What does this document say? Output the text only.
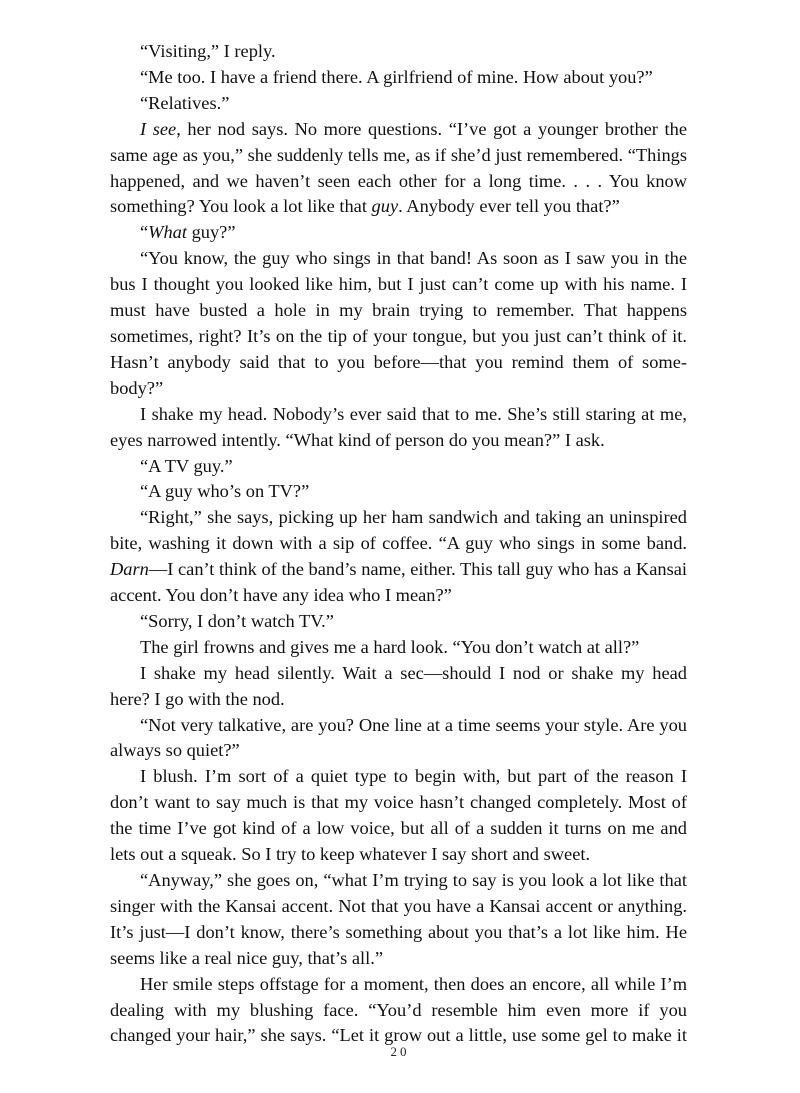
“Visiting,” I reply.

“Me too. I have a friend there. A girlfriend of mine. How about you?”

“Relatives.”

I see, her nod says. No more questions. “I’ve got a younger brother the same age as you,” she suddenly tells me, as if she’d just remembered. “Things happened, and we haven’t seen each other for a long time. . . . You know something? You look a lot like that guy. Anybody ever tell you that?”

“What guy?”

“You know, the guy who sings in that band! As soon as I saw you in the bus I thought you looked like him, but I just can’t come up with his name. I must have busted a hole in my brain trying to remember. That happens sometimes, right? It’s on the tip of your tongue, but you just can’t think of it. Hasn’t anybody said that to you before—that you remind them of some-body?”

I shake my head. Nobody’s ever said that to me. She’s still staring at me, eyes narrowed intently. “What kind of person do you mean?” I ask.

“A TV guy.”

“A guy who’s on TV?”

“Right,” she says, picking up her ham sandwich and taking an uninspired bite, washing it down with a sip of coffee. “A guy who sings in some band. Darn—I can’t think of the band’s name, either. This tall guy who has a Kansai accent. You don’t have any idea who I mean?”

“Sorry, I don’t watch TV.”

The girl frowns and gives me a hard look. “You don’t watch at all?”

I shake my head silently. Wait a sec—should I nod or shake my head here? I go with the nod.

“Not very talkative, are you? One line at a time seems your style. Are you always so quiet?”

I blush. I’m sort of a quiet type to begin with, but part of the reason I don’t want to say much is that my voice hasn’t changed completely. Most of the time I’ve got kind of a low voice, but all of a sudden it turns on me and lets out a squeak. So I try to keep whatever I say short and sweet.

“Anyway,” she goes on, “what I’m trying to say is you look a lot like that singer with the Kansai accent. Not that you have a Kansai accent or anything. It’s just—I don’t know, there’s something about you that’s a lot like him. He seems like a real nice guy, that’s all.”

Her smile steps offstage for a moment, then does an encore, all while I’m dealing with my blushing face. “You’d resemble him even more if you changed your hair,” she says. “Let it grow out a little, use some gel to make it

20
